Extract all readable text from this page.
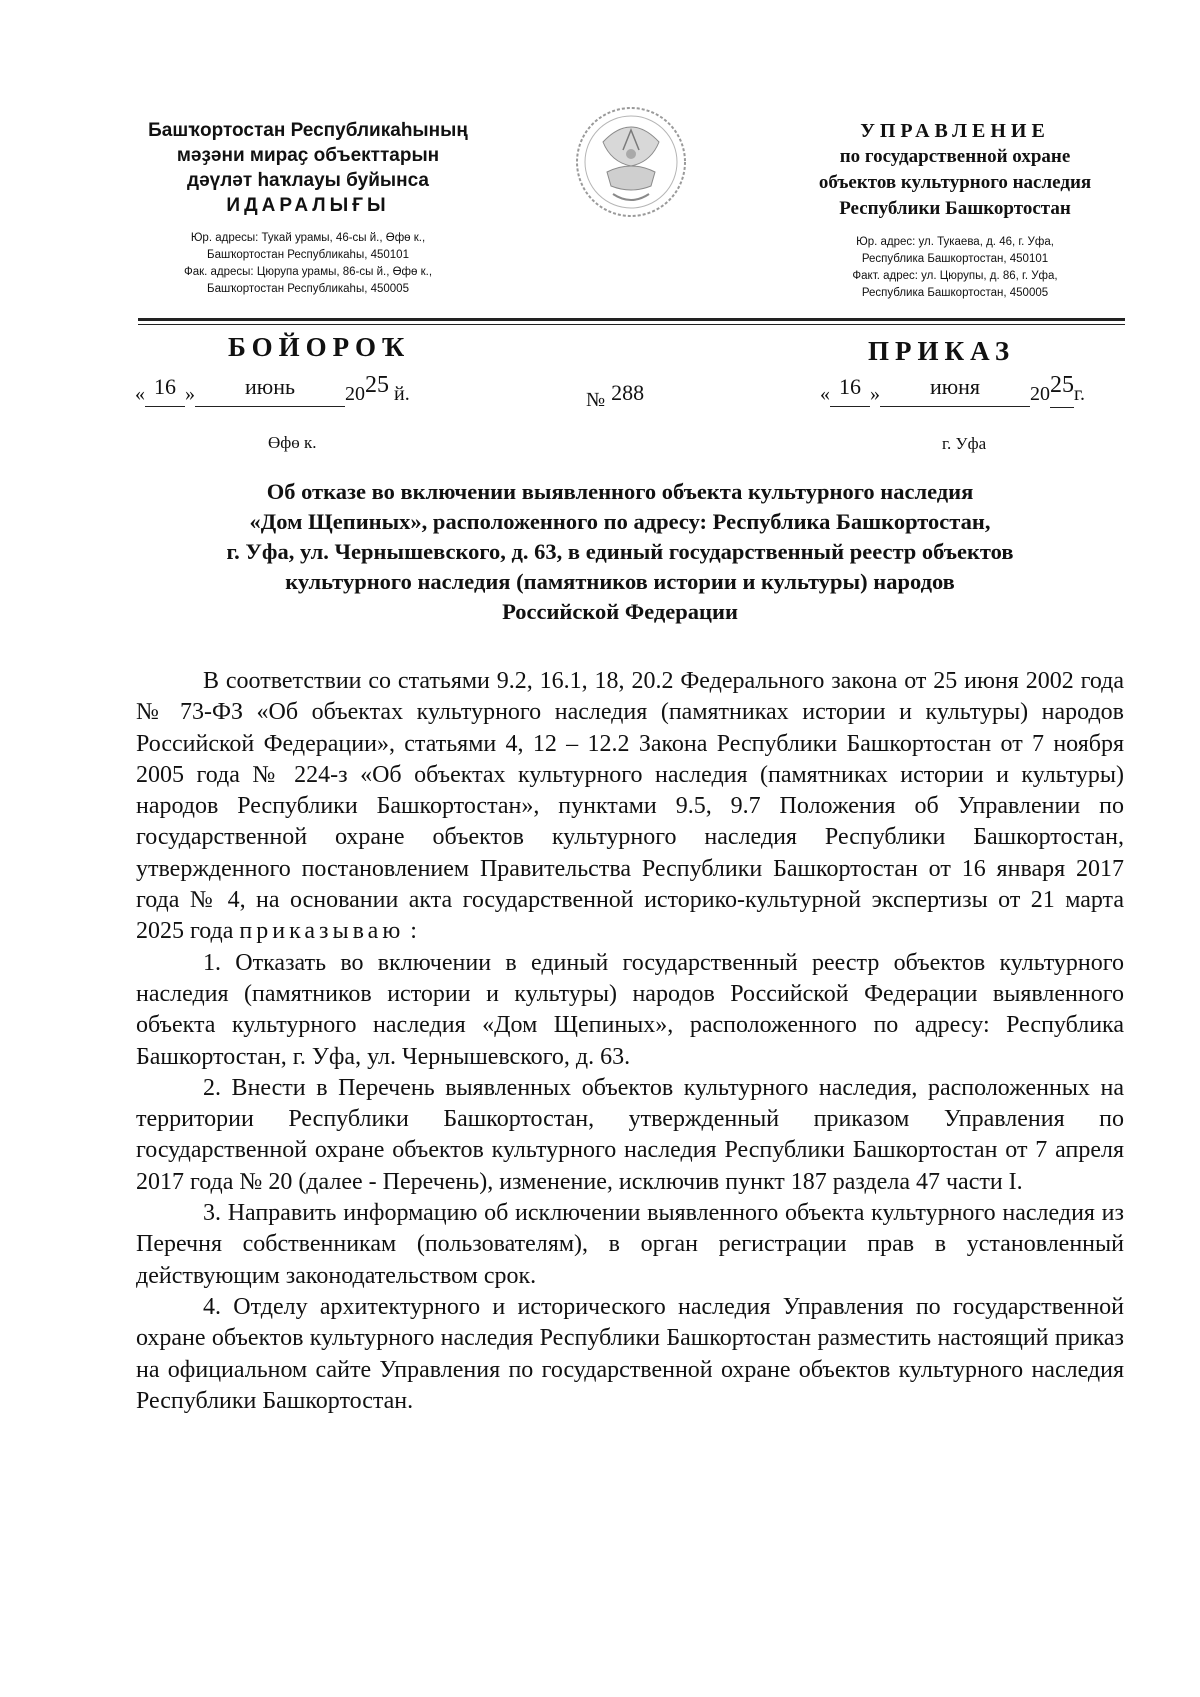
Башҡортостан Республикаһының
мәҙәни мираҫ объекттарын
дәүләт һаҡлауы буйынса
ИДАРАЛЫҒЫ
Юр. адресы: Тукай урамы, 46-сы й., Өфө к.,
Башҡортостан Республикаһы, 450101
Фак. адресы: Цюрупа урамы, 86-сы й., Өфө к.,
Башҡортостан Республикаһы, 450005
УПРАВЛЕНИЕ
по государственной охране
объектов культурного наследия
Республики Башкортостан
Юр. адрес: ул. Тукаева, д. 46, г. Уфа,
Республика Башкортостан, 450101
Факт. адрес: ул. Цюрупы, д. 86, г. Уфа,
Республика Башкортостан, 450005
БОЙОРОҠ	ПРИКАЗ
« 16 » июнь	2025 й.	№ 288	« 16 » июня 2025г.
Өфө к.	г. Уфа
Об отказе во включении выявленного объекта культурного наследия
«Дом Щепиных», расположенного по адресу: Республика Башкортостан,
г. Уфа, ул. Чернышевского, д. 63, в единый государственный реестр объектов
культурного наследия (памятников истории и культуры) народов
Российской Федерации

В соответствии со статьями 9.2, 16.1, 18, 20.2 Федерального закона от 25 июня 2002 года № 73-ФЗ «Об объектах культурного наследия (памятниках истории и культуры) народов Российской Федерации», статьями 4, 12 – 12.2 Закона Республики Башкортостан от 7 ноября 2005 года № 224-з «Об объектах культурного наследия (памятниках истории и культуры) народов Республики Башкортостан», пунктами 9.5, 9.7 Положения об Управлении по государственной охране объектов культурного наследия Республики Башкортостан, утвержденного постановлением Правительства Республики Башкортостан от 16 января 2017 года № 4, на основании акта государственной историко-культурной экспертизы от 21 марта 2025 года приказываю :

1. Отказать во включении в единый государственный реестр объектов культурного наследия (памятников истории и культуры) народов Российской Федерации выявленного объекта культурного наследия «Дом Щепиных», расположенного по адресу: Республика Башкортостан, г. Уфа, ул. Чернышевского, д. 63.

2. Внести в Перечень выявленных объектов культурного наследия, расположенных на территории Республики Башкортостан, утвержденный приказом Управления по государственной охране объектов культурного наследия Республики Башкортостан от 7 апреля 2017 года № 20 (далее - Перечень), изменение, исключив пункт 187 раздела 47 части I.

3. Направить информацию об исключении выявленного объекта культурного наследия из Перечня собственникам (пользователям), в орган регистрации прав в установленный действующим законодательством срок.

4. Отделу архитектурного и исторического наследия Управления по государственной охране объектов культурного наследия Республики Башкортостан разместить настоящий приказ на официальном сайте Управления по государственной охране объектов культурного наследия Республики Башкортостан.
